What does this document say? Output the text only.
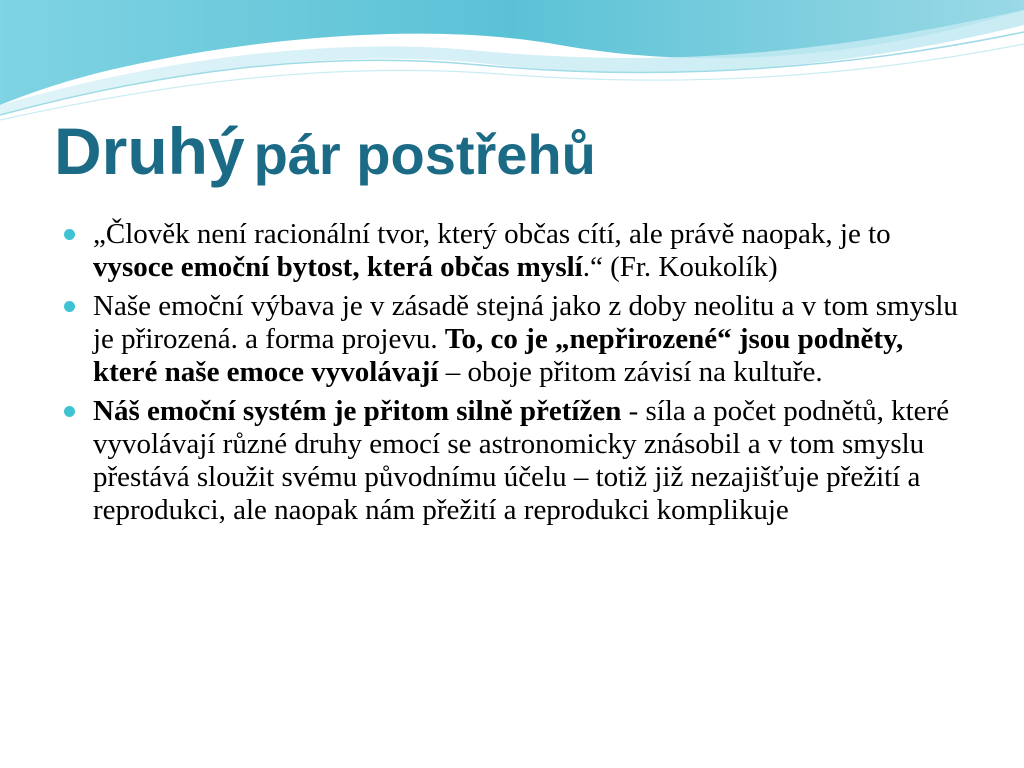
Druhý pár postřehů
„Člověk není racionální tvor, který občas cítí, ale právě naopak, je to vysoce emoční bytost, která občas myslí.“ (Fr. Koukolík)
Naše emoční výbava je v zásadě stejná jako z doby neolitu a v tom smyslu je přirozená. a forma projevu. To, co je „nepřirozené“ jsou podněty, které naše emoce vyvolávají – oboje přitom závisí na kultuře.
Náš emoční systém je přitom silně přetížen - síla a počet podnětů, které vyvolávají různé druhy emocí se astronomicky znásobil a v tom smyslu přestává sloužit svému původnímu účelu – totiž již nezajišťuje přežití a reprodukci, ale naopak nám přežití a reprodukci komplikuje
